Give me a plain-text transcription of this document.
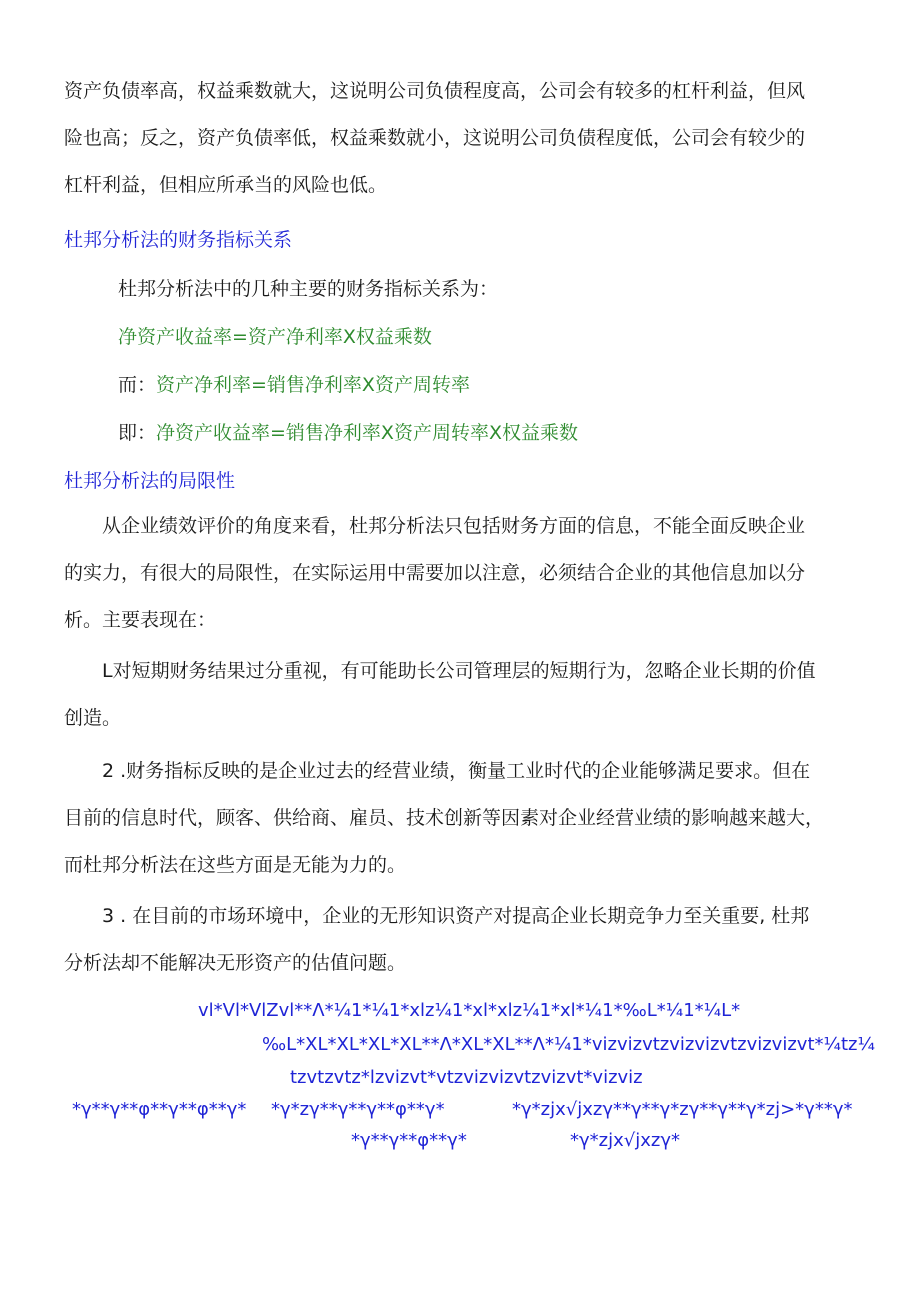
资产负债率高，权益乘数就大，这说明公司负债程度高，公司会有较多的杠杆利益，但风
险也高；反之，资产负债率低，权益乘数就小，这说明公司负债程度低，公司会有较少的
杠杆利益，但相应所承当的风险也低。

杜邦分析法的财务指标关系

杜邦分析法中的几种主要的财务指标关系为：

净资产收益率=资产净利率X权益乘数

而：资产净利率=销售净利率X资产周转率

即：净资产收益率=销售净利率X资产周转率X权益乘数

杜邦分析法的局限性

从企业绩效评价的角度来看，杜邦分析法只包括财务方面的信息，不能全面反映企业
的实力，有很大的局限性，在实际运用中需要加以注意，必须结合企业的其他信息加以分
析。主要表现在：
L对短期财务结果过分重视，有可能助长公司管理层的短期行为，忽略企业长期的价值
创造。
2 .财务指标反映的是企业过去的经营业绩，衡量工业时代的企业能够满足要求。但在
目前的信息时代，顾客、供给商、雇员、技术创新等因素对企业经营业绩的影响越来越大，
而杜邦分析法在这些方面是无能为力的。
3 . 在目前的市场环境中，企业的无形知识资产对提高企业长期竞争力至关重要, 杜邦
分析法却不能解决无形资产的估值问题。

vl*Vl*VlZvl**Λ*¼1*¼1*xlz¼1*xl*xlz¼1*xl*¼1*‰L*¼1*¼L*

‰L*XL*XL*XL*XL**Λ*XL*XL**Λ*¼1*vizvizvtzvizvizvtzvizvizvt*¼tz¼

tzvtzvtz*lzvizvt*vtzvizvizvtzvizvt*vizviz

*γ**γ**φ**γ**φ**γ* *γ*zγ**γ**γ**φ**γ*	*γ*zjx√jxzγ**γ**γ*zγ**γ* *γ*zj>*γ**γ*

*γ**γ**φ**γ*	*γ*zjx√jxzγ*
